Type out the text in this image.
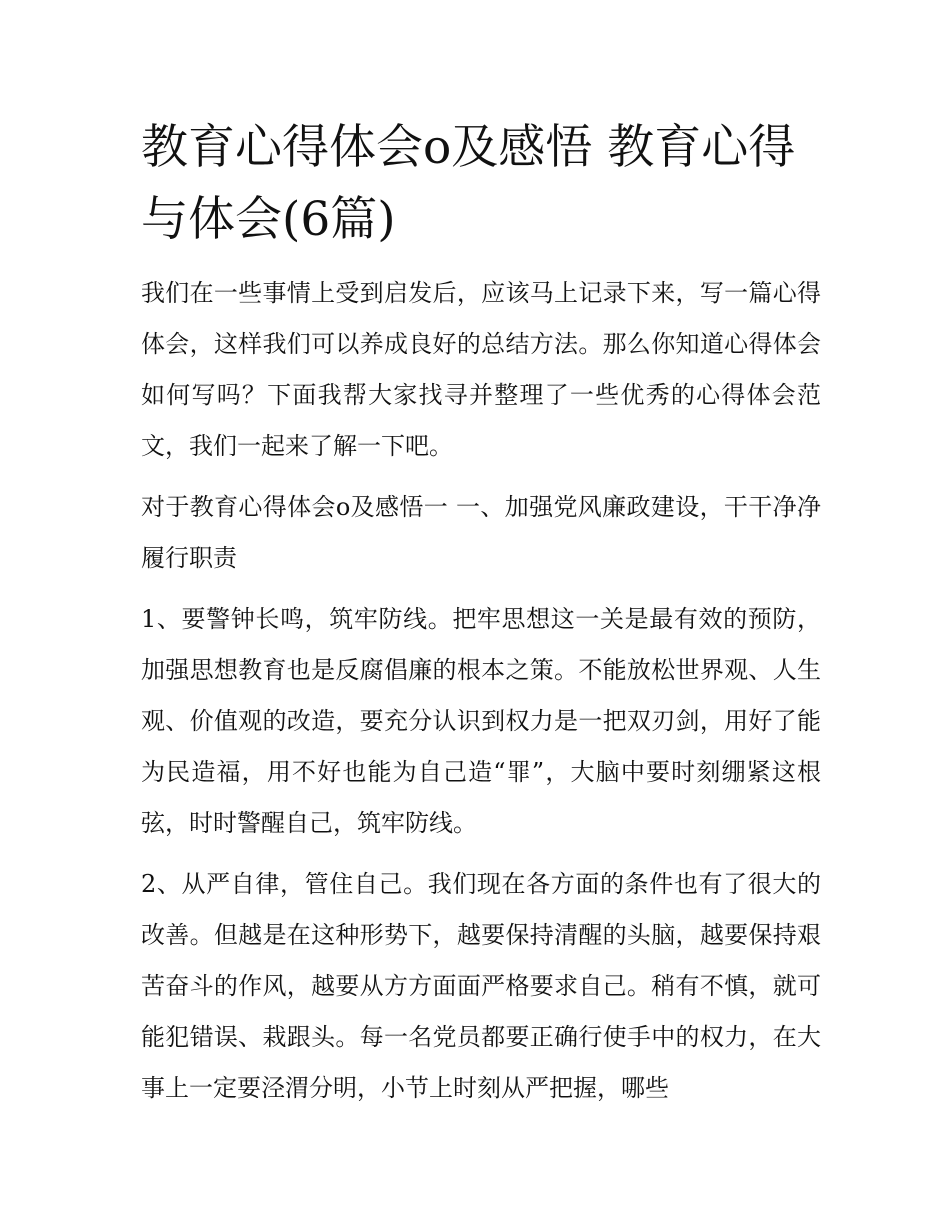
教育心得体会o及感悟 教育心得与体会(6篇)

我们在一些事情上受到启发后，应该马上记录下来，写一篇心得体会，这样我们可以养成良好的总结方法。那么你知道心得体会如何写吗？下面我帮大家找寻并整理了一些优秀的心得体会范文，我们一起来了解一下吧。

对于教育心得体会o及感悟一 一、加强党风廉政建设，干干净净履行职责

1、要警钟长鸣，筑牢防线。把牢思想这一关是最有效的预防，加强思想教育也是反腐倡廉的根本之策。不能放松世界观、人生观、价值观的改造，要充分认识到权力是一把双刃剑，用好了能为民造福，用不好也能为自己造“罪”，大脑中要时刻绷紧这根弦，时时警醒自己，筑牢防线。

2、从严自律，管住自己。我们现在各方面的条件也有了很大的改善。但越是在这种形势下，越要保持清醒的头脑，越要保持艰苦奋斗的作风，越要从方方面面严格要求自己。稍有不慎，就可能犯错误、栽跟头。每一名党员都要正确行使手中的权力，在大事上一定要泾渭分明，小节上时刻从严把握，哪些
